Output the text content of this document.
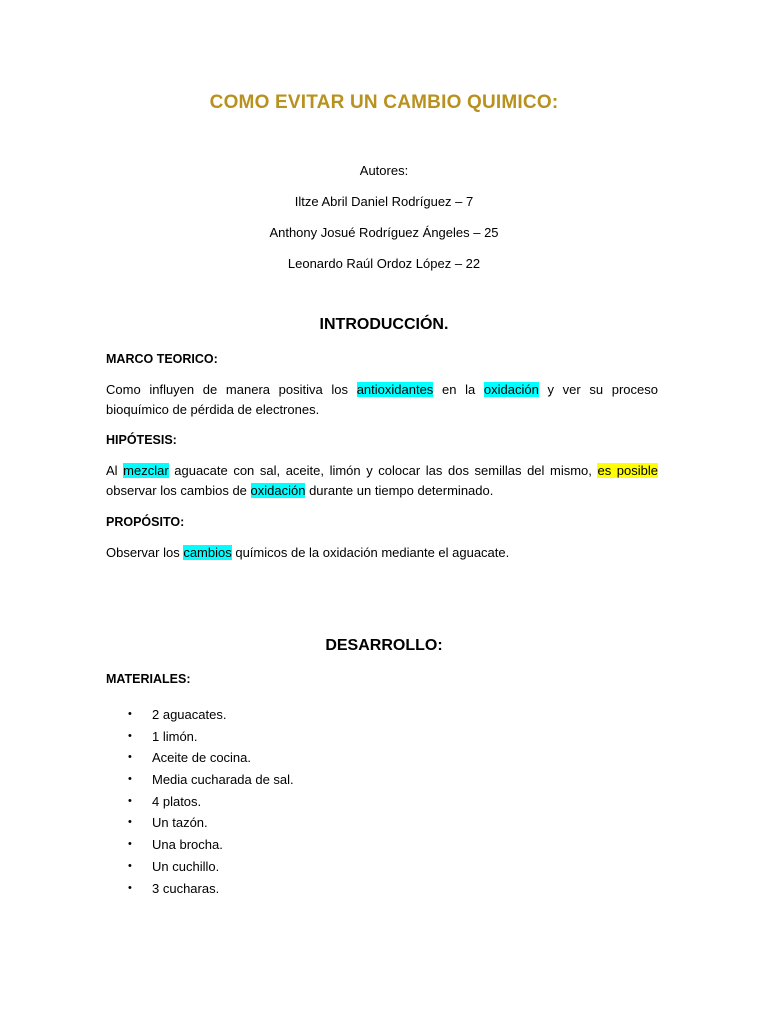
COMO EVITAR UN CAMBIO QUIMICO:
Autores:
Iltze Abril Daniel Rodríguez – 7
Anthony Josué Rodríguez Ángeles – 25
Leonardo Raúl Ordoz López – 22
INTRODUCCIÓN.
MARCO TEORICO:
Como influyen de manera positiva los antioxidantes en la oxidación y ver su proceso bioquímico de pérdida de electrones.
HIPÓTESIS:
Al mezclar aguacate con sal, aceite, limón y colocar las dos semillas del mismo, es posible observar los cambios de oxidación durante un tiempo determinado.
PROPÓSITO:
Observar los cambios químicos de la oxidación mediante el aguacate.
DESARROLLO:
MATERIALES:
• 2 aguacates.
• 1 limón.
• Aceite de cocina.
• Media cucharada de sal.
• 4 platos.
• Un tazón.
• Una brocha.
• Un cuchillo.
• 3 cucharas.
